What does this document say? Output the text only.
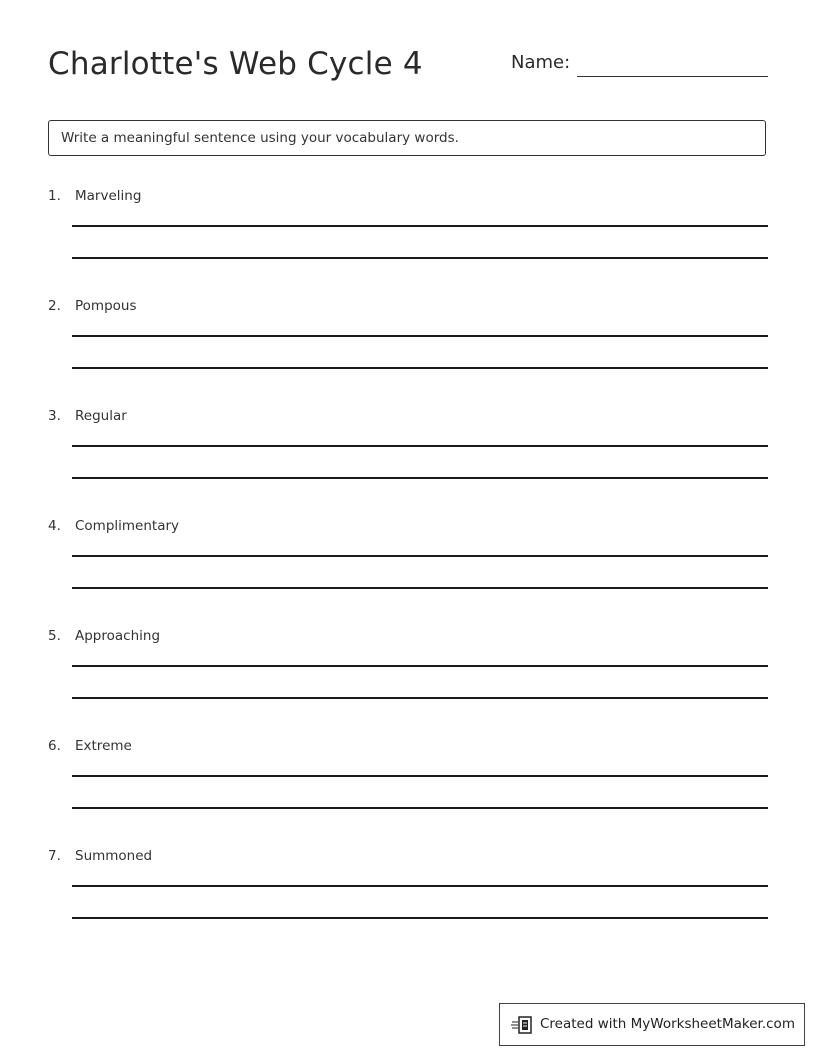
Charlotte's Web Cycle 4	Name:
Write a meaningful sentence using your vocabulary words.
1. Marveling
2. Pompous
3. Regular
4. Complimentary
5. Approaching
6. Extreme
7. Summoned
Created with MyWorksheetMaker.com
